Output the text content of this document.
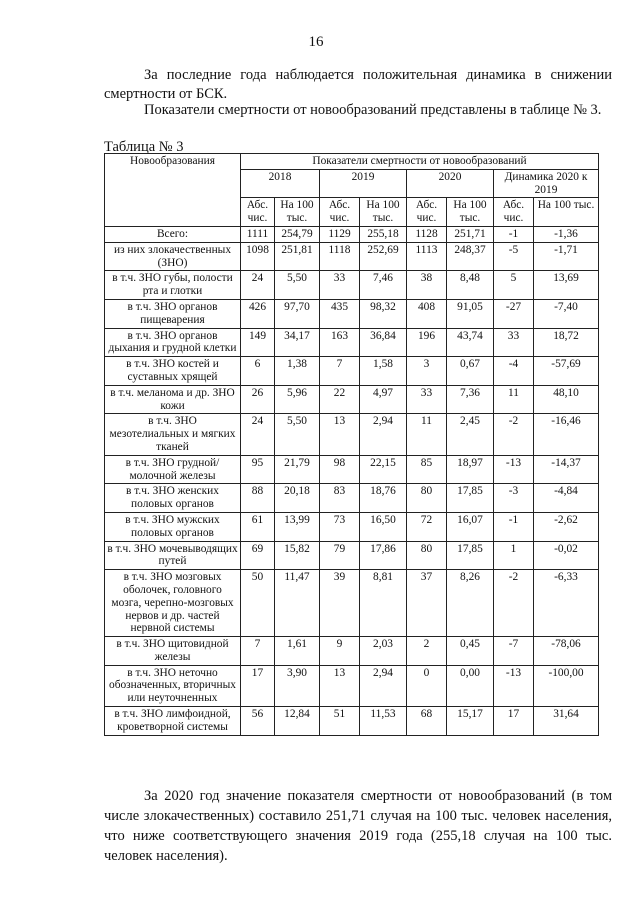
16

За последние года наблюдается положительная динамика в снижении смертности от БСК.

Показатели смертности от новообразований представлены в таблице № 3.

Таблица № 3
Новообразования	Показатели смертности от новообразований							
	2018		2019		2020		Динамика 2020 к 2019	
	Абс. чис.	На 100 тыс.	Абс. чис.	На 100 тыс.	Абс. чис.	На 100 тыс.	Абс. чис.	На 100 тыс.
Всего:	1111	254,79	1129	255,18	1128	251,71	-1	-1,36
из них злокачественных (ЗНО)	1098	251,81	1118	252,69	1113	248,37	-5	-1,71
в т.ч. ЗНО губы, полости рта и глотки	24	5,50	33	7,46	38	8,48	5	13,69
в т.ч. ЗНО органов пищеварения	426	97,70	435	98,32	408	91,05	-27	-7,40
в т.ч. ЗНО органов дыхания и грудной клетки	149	34,17	163	36,84	196	43,74	33	18,72
в т.ч. ЗНО костей и суставных хрящей	6	1,38	7	1,58	3	0,67	-4	-57,69
в т.ч. меланома и др. ЗНО кожи	26	5,96	22	4,97	33	7,36	11	48,10
в т.ч. ЗНО мезотелиальных и мягких тканей	24	5,50	13	2,94	11	2,45	-2	-16,46
в т.ч. ЗНО грудной/молочной железы	95	21,79	98	22,15	85	18,97	-13	-14,37
в т.ч. ЗНО женских половых органов	88	20,18	83	18,76	80	17,85	-3	-4,84
в т.ч. ЗНО мужских половых органов	61	13,99	73	16,50	72	16,07	-1	-2,62
в т.ч. ЗНО мочевыводящих путей	69	15,82	79	17,86	80	17,85	1	-0,02
в т.ч. ЗНО мозговых оболочек, головного мозга, черепно-мозговых нервов и др. частей нервной системы	50	11,47	39	8,81	37	8,26	-2	-6,33
в т.ч. ЗНО щитовидной железы	7	1,61	9	2,03	2	0,45	-7	-78,06
в т.ч. ЗНО неточно обозначенных, вторичных или неуточненных	17	3,90	13	2,94	0	0,00	-13	-100,00
в т.ч. ЗНО лимфоидной, кроветворной системы	56	12,84	51	11,53	68	15,17	17	31,64

За 2020 год значение показателя смертности от новообразований (в том числе злокачественных) составило 251,71 случая на 100 тыс. человек населения, что ниже соответствующего значения 2019 года (255,18 случая на 100 тыс. человек населения).
